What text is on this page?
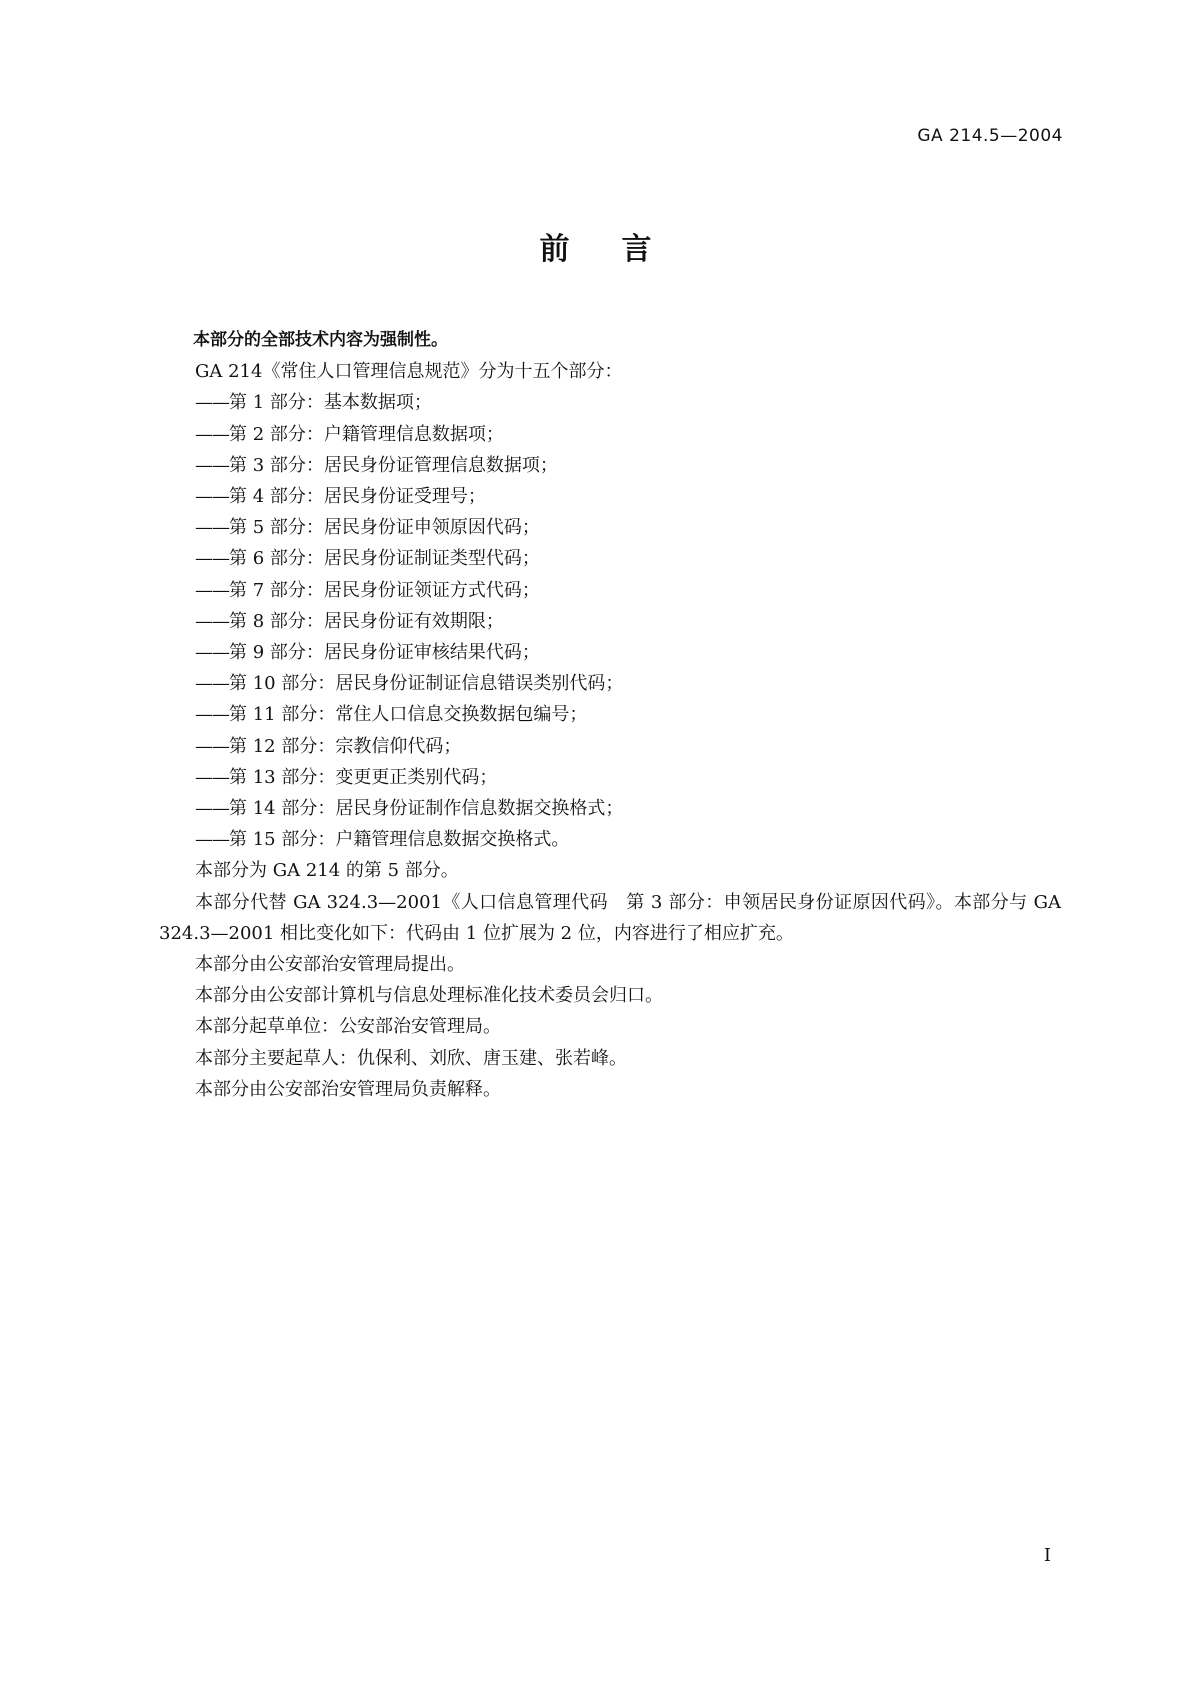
GA 214.5—2004
前言

本部分的全部技术内容为强制性。

GA 214《常住人口管理信息规范》分为十五个部分：

——第 1 部分：基本数据项；
——第 2 部分：户籍管理信息数据项；
——第 3 部分：居民身份证管理信息数据项；
——第 4 部分：居民身份证受理号；
——第 5 部分：居民身份证申领原因代码；
——第 6 部分：居民身份证制证类型代码；
——第 7 部分：居民身份证领证方式代码；
——第 8 部分：居民身份证有效期限；
——第 9 部分：居民身份证审核结果代码；
——第 10 部分：居民身份证制证信息错误类别代码；
——第 11 部分：常住人口信息交换数据包编号；
——第 12 部分：宗教信仰代码；
——第 13 部分：变更更正类别代码；
——第 14 部分：居民身份证制作信息数据交换格式；
——第 15 部分：户籍管理信息数据交换格式。

本部分为 GA 214 的第 5 部分。

本部分代替 GA 324.3—2001《人口信息管理代码　第 3 部分：申领居民身份证原因代码》。本部分与 GA 324.3—2001 相比变化如下：代码由 1 位扩展为 2 位，内容进行了相应扩充。

本部分由公安部治安管理局提出。

本部分由公安部计算机与信息处理标准化技术委员会归口。

本部分起草单位：公安部治安管理局。

本部分主要起草人：仇保利、刘欣、唐玉建、张若峰。

本部分由公安部治安管理局负责解释。

I
